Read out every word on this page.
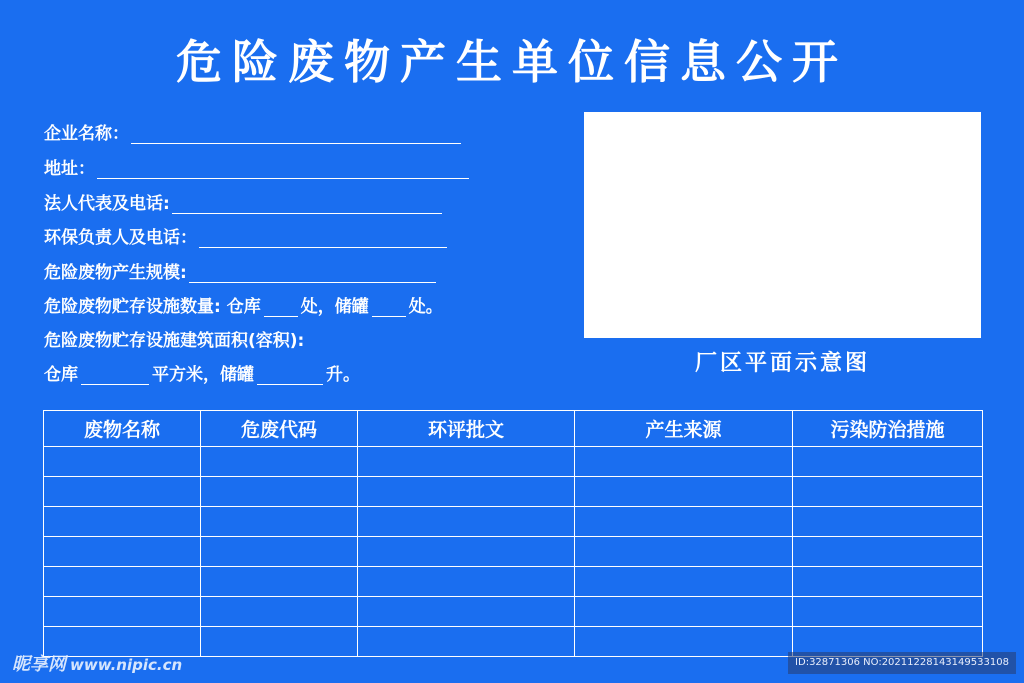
危险废物产生单位信息公开
企业名称：
地址：
法人代表及电话:
环保负责人及电话：
危险废物产生规模:
危险废物贮存设施数量: 仓库 处，储罐 处。
危险废物贮存设施建筑面积(容积):
仓库	平方米，储罐	升。	厂区平面示意图
废物名称	危废代码	环评批文	产生来源	污染防治措施

昵享网 www.nipic.cn	ID:32871306 NO:20211228143149533108
